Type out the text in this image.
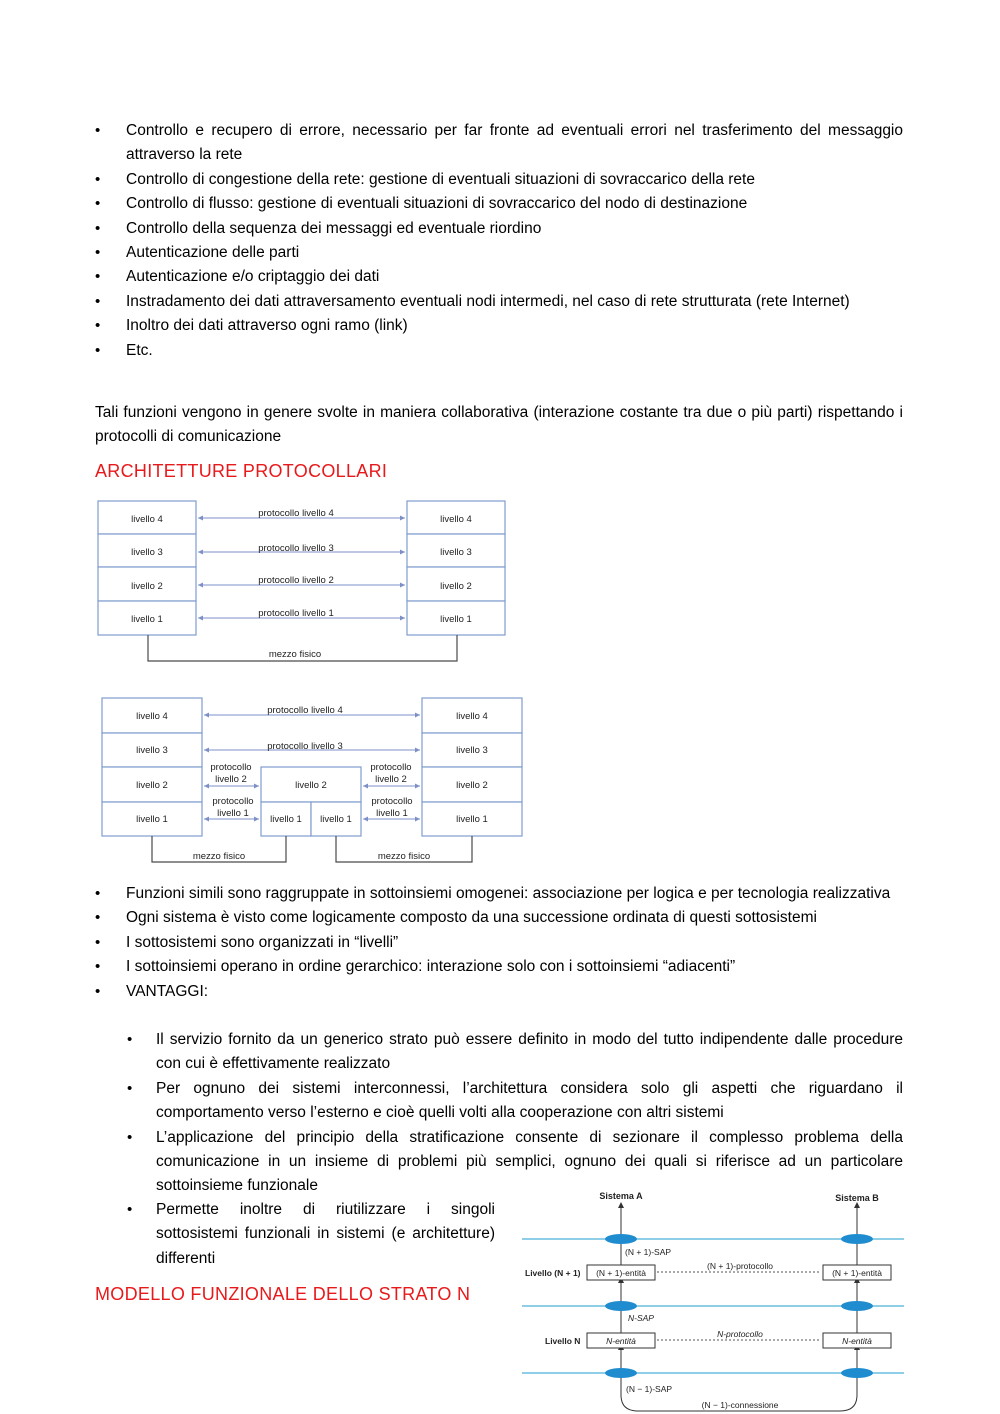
• Controllo e recupero di errore, necessario per far fronte ad eventuali errori nel trasferimento del messaggio attraverso la rete
• Controllo di congestione della rete: gestione di eventuali situazioni di sovraccarico della rete
• Controllo di flusso: gestione di eventuali situazioni di sovraccarico del nodo di destinazione
• Controllo della sequenza dei messaggi ed eventuale riordino
• Autenticazione delle parti
• Autenticazione e/o criptaggio dei dati
• Instradamento dei dati attraversamento eventuali nodi intermedi, nel caso di rete strutturata (rete Internet)
• Inoltro dei dati attraverso ogni ramo (link)
• Etc.

Tali funzioni vengono in genere svolte in maniera collaborativa (interazione costante tra due o più parti) rispettando i protocolli di comunicazione

ARCHITETTURE PROTOCOLLARI
livello 4
livello 3
livello 2
livello 1
livello 4
livello 3
livello 2
livello 1
protocollo livello 4
protocollo livello 3
protocollo livello 2
protocollo livello 1
mezzo fisico
livello 4
livello 3
livello 2
livello 1
livello 4
livello 3
livello 2
livello 1
livello 2
livello 1 livello 1
protocollo livello 4
protocollo livello 3
protocollo
livello 2
protocollo
livello 2
protocollo
livello 1
protocollo
livello 1
mezzo fisico	mezzo fisico
• Funzioni simili sono raggruppate in sottoinsiemi omogenei: associazione per logica e per tecnologia realizzativa
• Ogni sistema è visto come logicamente composto da una successione ordinata di questi sottosistemi
• I sottosistemi sono organizzati in “livelli”
• I sottoinsiemi operano in ordine gerarchico: interazione solo con i sottoinsiemi “adiacenti”
• VANTAGGI:
• Il servizio fornito da un generico strato può essere definito in modo del tutto indipendente dalle procedure con cui è effettivamente realizzato
• Per ognuno dei sistemi interconnessi, l’architettura considera solo gli aspetti che riguardano il comportamento verso l’esterno e cioè quelli volti alla cooperazione con altri sistemi
• L’applicazione del principio della stratificazione consente di sezionare il complesso problema della comunicazione in un insieme di problemi più semplici, ognuno dei quali si riferisce ad un particolare sottoinsieme funzionale
• Permette inoltre di riutilizzare i singoli sottosistemi funzionali in sistemi (e architetture) differenti
MODELLO FUNZIONALE DELLO STRATO N
Sistema A	Sistema B
(N + 1)-entità	(N + 1)-entità
N-entità	N-entità
(N + 1)-protocollo
N-protocollo
(N + 1)-SAP
N-SAP
(N − 1)-SAP
Livello (N + 1)
Livello N
(N − 1)-connessione
